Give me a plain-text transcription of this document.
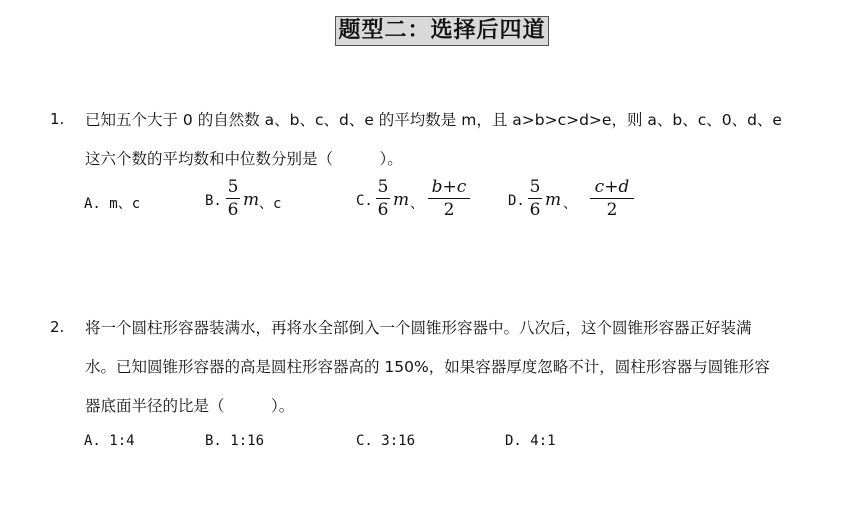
题型二：选择后四道
1. 已知五个大于 0 的自然数 a、b、c、d、e 的平均数是 m，且 a>b>c>d>e，则 a、b、c、0、d、e
这六个数的平均数和中位数分别是（　　　）。
A. m、c	B.
5
6
m 、c	C.
5
6
m 、
b+c
2	D.
5
6
m 、
c+d
2
2. 将一个圆柱形容器装满水，再将水全部倒入一个圆锥形容器中。八次后，这个圆锥形容器正好装满
水。已知圆锥形容器的高是圆柱形容器高的 150%，如果容器厚度忽略不计，圆柱形容器与圆锥形容
器底面半径的比是（　　　）。
A. 1:4	B. 1:16	C. 3:16	D. 4:1
